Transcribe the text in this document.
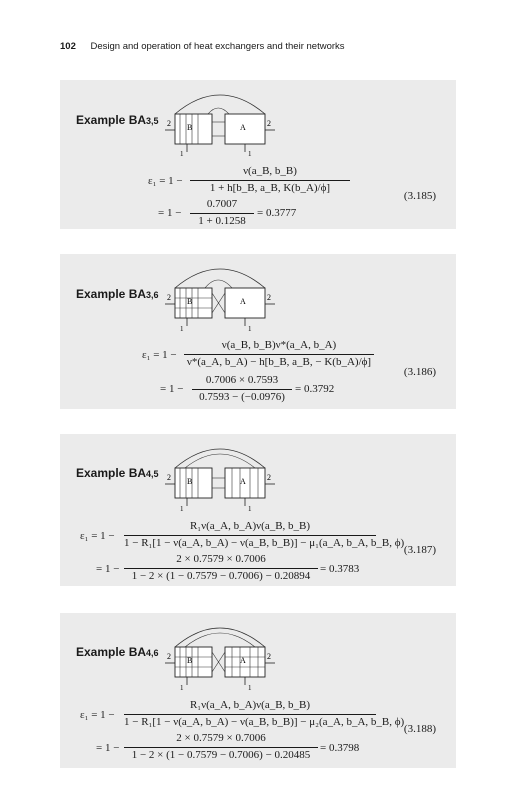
102 Design and operation of heat exchangers and their networks
Example BA3,5
B	A
2	2
1	1
ε₁ = 1 −
ν(a_B, b_B)
1 + h[b_B, a_B, K(b_A)/ϕ]
= 1 −
0.7007
1 + 0.1258
= 0.3777
(3.185)
Example BA3,6
B	A
2	2
1	1
ε₁ = 1 −
ν(a_B, b_B)ν*(a_A, b_A)
ν*(a_A, b_A) − h[b_B, a_B, − K(b_A)/ϕ]
= 1 −
0.7006 × 0.7593
0.7593 − (−0.0976)
= 0.3792
(3.186)
Example BA4,5
B	A
2	2
1	1
ε₁ = 1 −
R₁ν(a_A, b_A)ν(a_B, b_B)
1 − R₁[1 − ν(a_A, b_A) − ν(a_B, b_B)] − μ₁(a_A, b_A, b_B, ϕ)
= 1 −
2 × 0.7579 × 0.7006
1 − 2 × (1 − 0.7579 − 0.7006) − 0.20894
= 0.3783
(3.187)
Example BA4,6
B	A
2	2
1	1
ε₁ = 1 −
R₁ν(a_A, b_A)ν(a_B, b_B)
1 − R₁[1 − ν(a_A, b_A) − ν(a_B, b_B)] − μ₂(a_A, b_A, b_B, ϕ)
= 1 −
2 × 0.7579 × 0.7006
1 − 2 × (1 − 0.7579 − 0.7006) − 0.20485
= 0.3798
(3.188)
